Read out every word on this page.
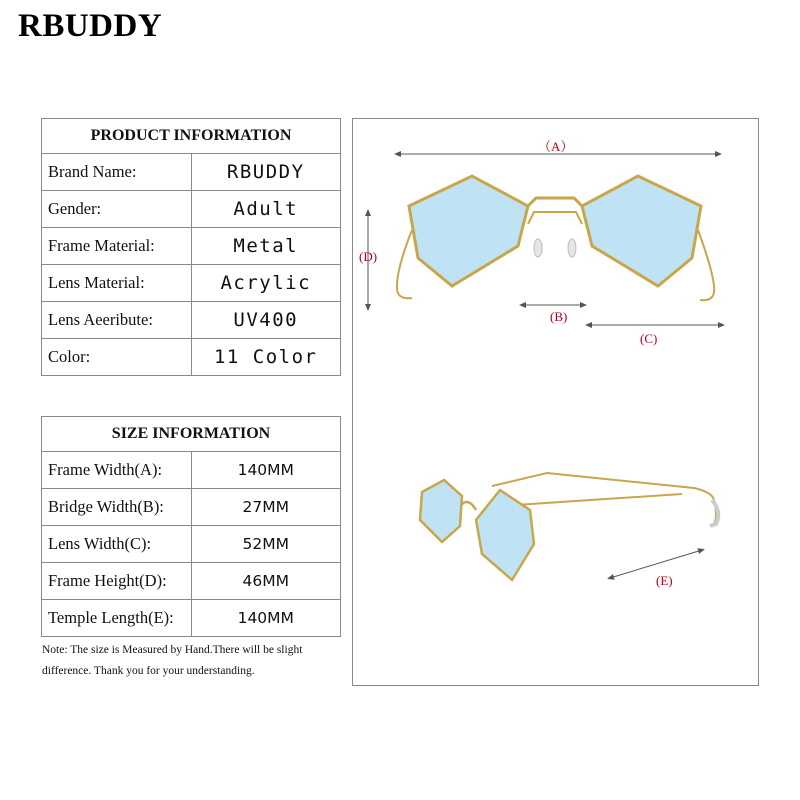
RBUDDY
PRODUCT INFORMATION	
Brand Name:	RBUDDY
Gender:	Adult
Frame Material:	Metal
Lens Material:	Acrylic
Lens Aeeribute:	UV400
Color:	11 Color
SIZE INFORMATION	
Frame Width(A):	140MM
Bridge Width(B):	27MM
Lens Width(C):	52MM
Frame Height(D):	46MM
Temple Length(E):	140MM
Note: The size is Measured by Hand.There will be slight
difference. Thank you for your understanding.
（A）
(D)
(B)
(C)
(E)
